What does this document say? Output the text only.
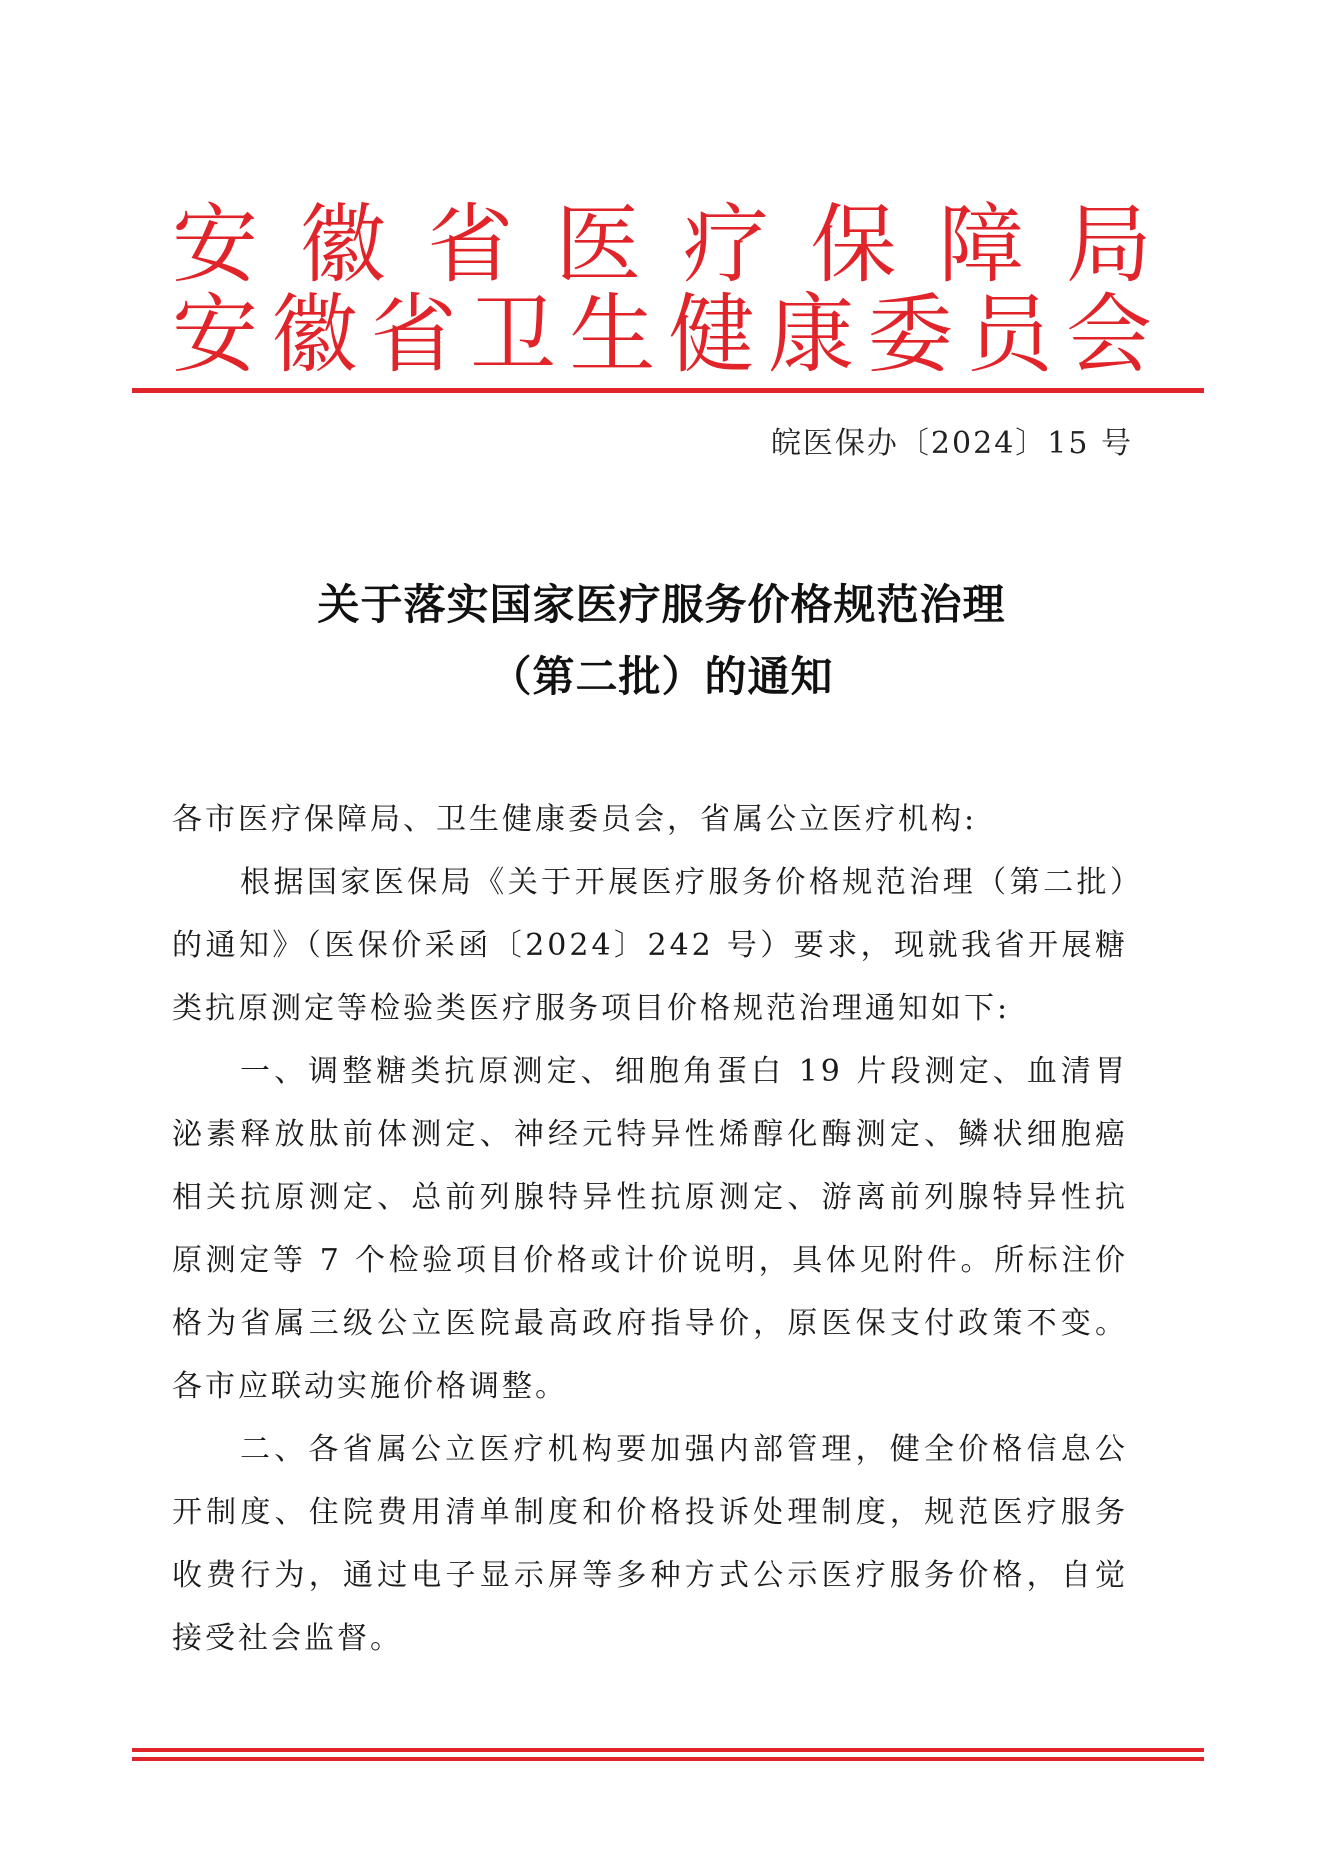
安 徽 省 医 疗 保 障 局
安 徽 省 卫 生 健 康 委 员 会
皖医保办〔2024〕15 号
关于落实国家医疗服务价格规范治理
（第二批）的通知

各市医疗保障局、卫生健康委员会，省属公立医疗机构:

根据国家医保局《关于开展医疗服务价格规范治理（第二批）的通知》（医保价采函〔2024〕242 号）要求，现就我省开展糖类抗原测定等检验类医疗服务项目价格规范治理通知如下:

一、调整糖类抗原测定、细胞角蛋白 19 片段测定、血清胃泌素释放肽前体测定、神经元特异性烯醇化酶测定、鳞状细胞癌相关抗原测定、总前列腺特异性抗原测定、游离前列腺特异性抗原测定等 7 个检验项目价格或计价说明，具体见附件。所标注价格为省属三级公立医院最高政府指导价，原医保支付政策不变。各市应联动实施价格调整。

二、各省属公立医疗机构要加强内部管理，健全价格信息公开制度、住院费用清单制度和价格投诉处理制度，规范医疗服务收费行为，通过电子显示屏等多种方式公示医疗服务价格，自觉接受社会监督。
